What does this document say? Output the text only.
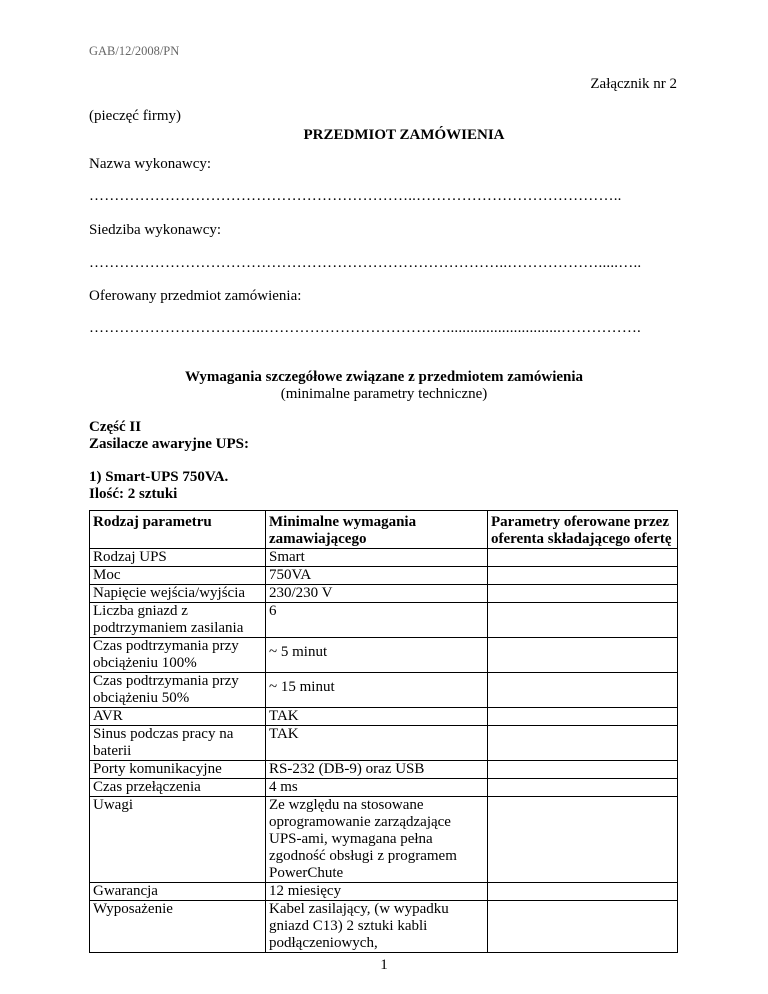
GAB/12/2008/PN
Załącznik nr 2
(pieczęć firmy)
PRZEDMIOT ZAMÓWIENIA
Nazwa wykonawcy:
………………………………………………………..…………………………………..
Siedziba wykonawcy:
………………………………………………………………………..……………….....…..
Oferowany przedmiot zamówienia:
……………………………..……………………………….............................…………….
Wymagania szczegółowe związane z przedmiotem zamówienia
(minimalne parametry techniczne)
Część II
Zasilacze awaryjne UPS:
1) Smart-UPS 750VA.
Ilość: 2 sztuki
Rodzaj parametru	Minimalne wymagania zamawiającego	Parametry oferowane przez oferenta składającego ofertę
Rodzaj UPS	Smart	
Moc	750VA	
Napięcie wejścia/wyjścia	230/230 V	
Liczba gniazd z podtrzymaniem zasilania	6	
Czas podtrzymania przy obciążeniu 100%	~ 5 minut	
Czas podtrzymania przy obciążeniu 50%	~ 15 minut	
AVR	TAK	
Sinus podczas pracy na baterii	TAK	
Porty komunikacyjne	RS-232 (DB-9) oraz USB	
Czas przełączenia	4 ms	
Uwagi	Ze względu na stosowane oprogramowanie zarządzające UPS-ami, wymagana pełna zgodność obsługi z programem PowerChute	
Gwarancja	12 miesięcy	
Wyposażenie	Kabel zasilający, (w wypadku gniazd C13) 2 sztuki kabli podłączeniowych,	
1
